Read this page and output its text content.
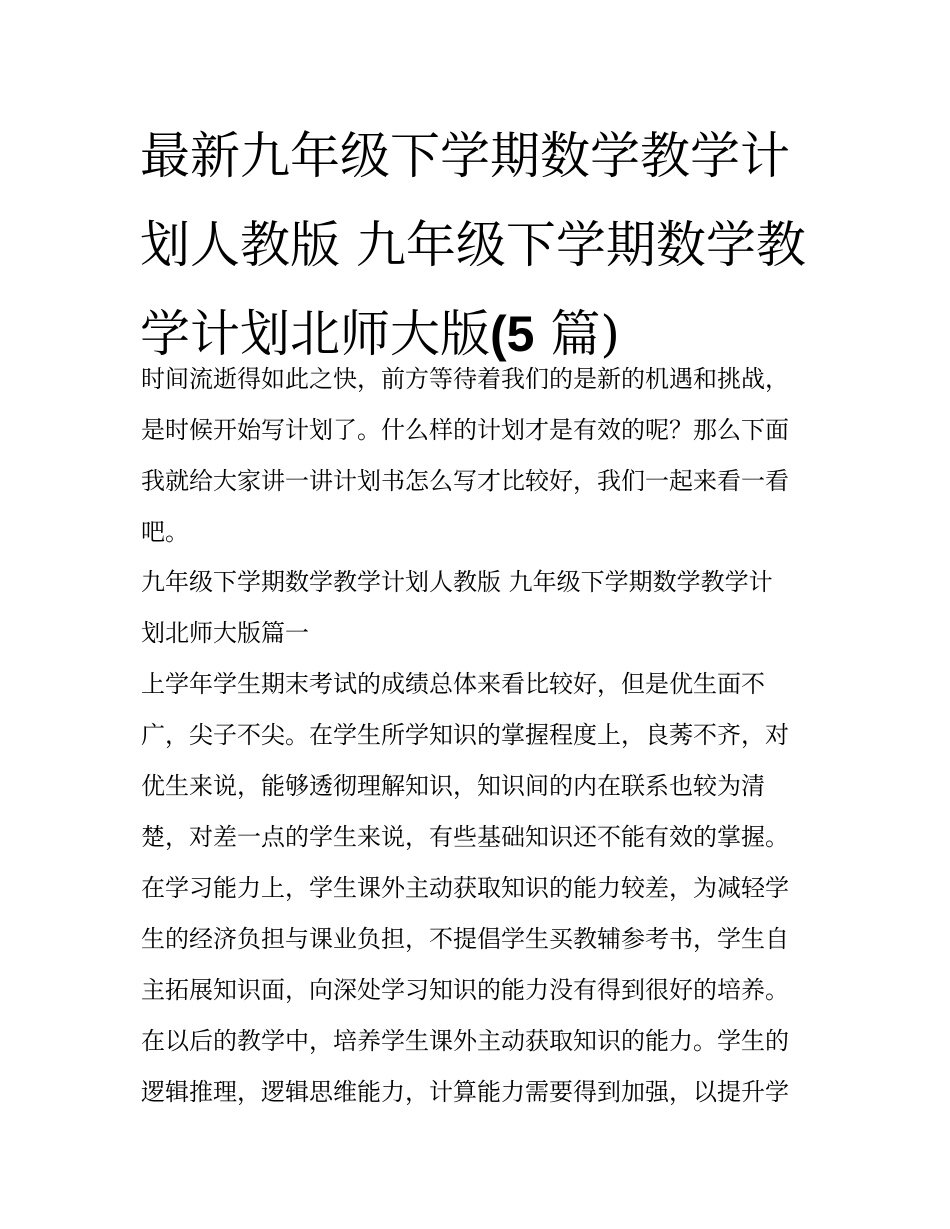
最新九年级下学期数学教学计
划人教版 九年级下学期数学教
学计划北师大版(5 篇)

时间流逝得如此之快，前方等待着我们的是新的机遇和挑战，
是时候开始写计划了。什么样的计划才是有效的呢？那么下面
我就给大家讲一讲计划书怎么写才比较好，我们一起来看一看
吧。

九年级下学期数学教学计划人教版 九年级下学期数学教学计
划北师大版篇一

上学年学生期末考试的成绩总体来看比较好，但是优生面不
广，尖子不尖。在学生所学知识的掌握程度上，良莠不齐，对
优生来说，能够透彻理解知识，知识间的内在联系也较为清
楚，对差一点的学生来说，有些基础知识还不能有效的掌握。
在学习能力上，学生课外主动获取知识的能力较差，为减轻学
生的经济负担与课业负担，不提倡学生买教辅参考书，学生自
主拓展知识面，向深处学习知识的能力没有得到很好的培养。
在以后的教学中，培养学生课外主动获取知识的能力。学生的
逻辑推理，逻辑思维能力，计算能力需要得到加强，以提升学
